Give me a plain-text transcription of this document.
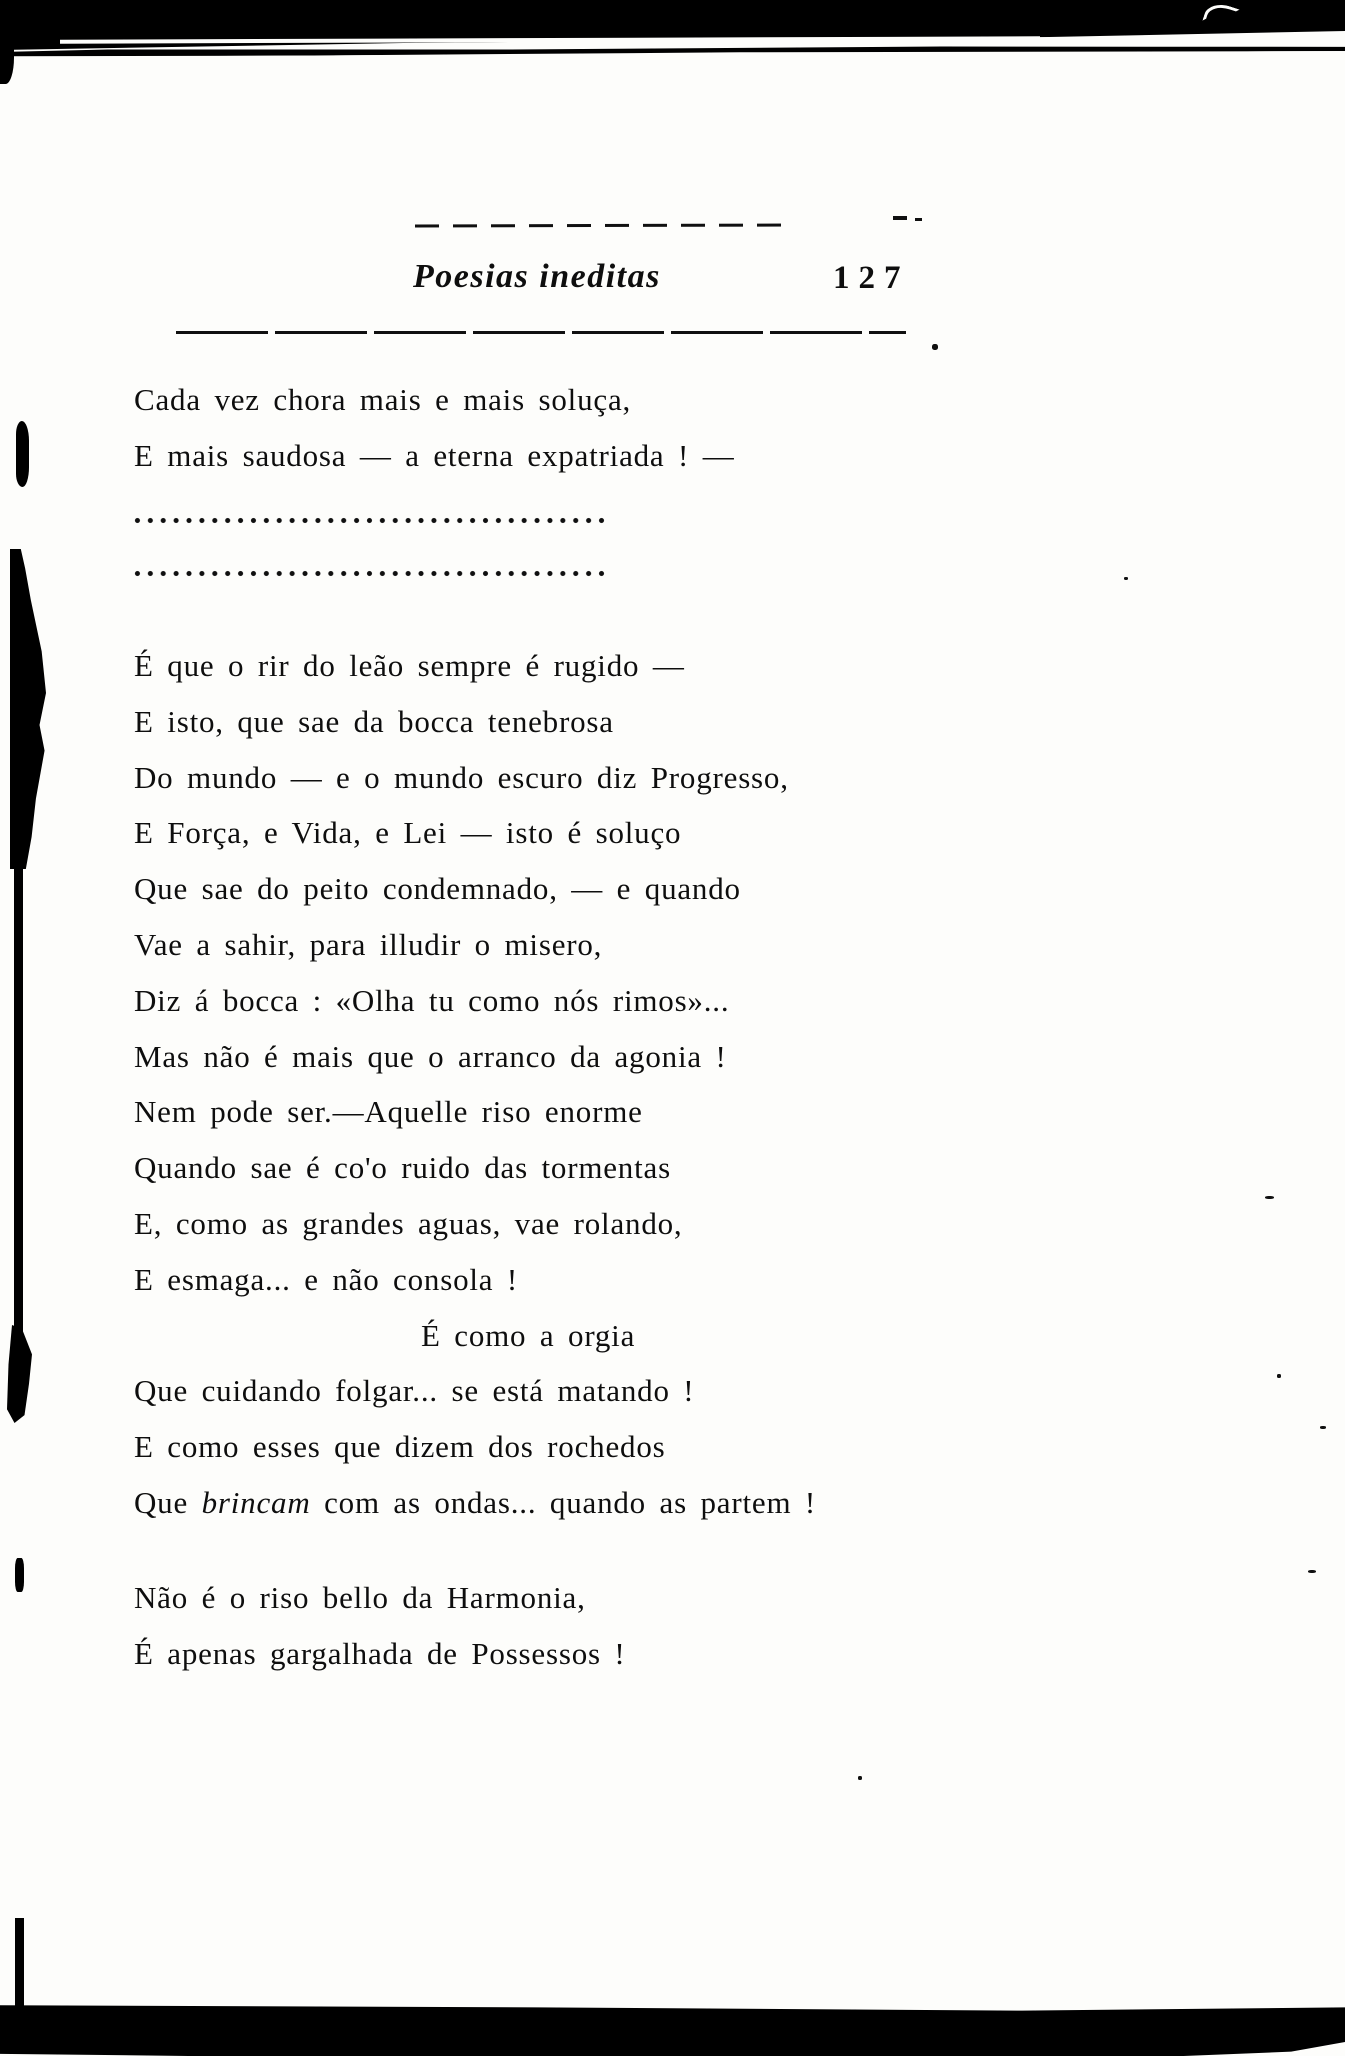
Poesias ineditas	127
Cada vez chora mais e mais soluça,
E mais saudosa — a eterna expatriada ! —
É que o rir do leão sempre é rugido —
E isto, que sae da bocca tenebrosa
Do mundo — e o mundo escuro diz Progresso,
E Força, e Vida, e Lei — isto é soluço
Que sae do peito condemnado, — e quando
Vae a sahir, para illudir o misero,
Diz á bocca : «Olha tu como nós rimos»...
Mas não é mais que o arranco da agonia !
Nem pode ser.—Aquelle riso enorme
Quando sae é co'o ruido das tormentas
E, como as grandes aguas, vae rolando,
E esmaga... e não consola !
É como a orgia
Que cuidando folgar... se está matando !
E como esses que dizem dos rochedos
Que brincam com as ondas... quando as partem !
Não é o riso bello da Harmonia,
É apenas gargalhada de Possessos !
